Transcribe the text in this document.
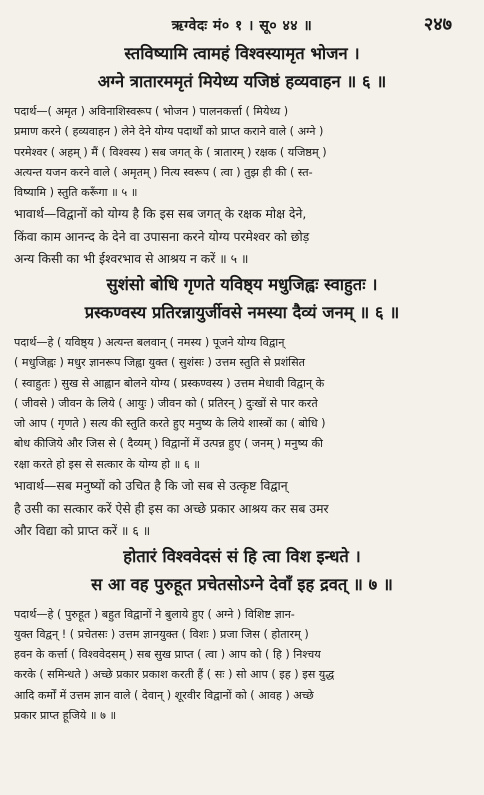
ऋग्वेदः मं० १ । सू० ४४ ॥	२४७

स्तविष्यामि त्वामहं विश्वस्यामृत भोजन ।

अग्ने त्रातारममृतं मियेध्य यजिष्ठं हव्यवाहन ॥ ६ ॥

पदार्थ—( अमृत ) अविनाशिस्वरूप ( भोजन ) पालनकर्त्ता ( मियेध्य )

प्रमाण करने ( हव्यवाहन ) लेने देने योग्य पदार्थों को प्राप्त कराने वाले ( अग्ने )

परमेश्वर ( अहम् ) मैं ( विश्वस्य ) सब जगत् के ( त्रातारम् ) रक्षक ( यजिष्ठम् )

अत्यन्त यजन करने वाले ( अमृतम् ) नित्य स्वरूप ( त्वा ) तुझ ही की ( स्त-

विष्यामि ) स्तुति करूँगा ॥ ५ ॥

भावार्थ—विद्वानों को योग्य है कि इस सब जगत् के रक्षक मोक्ष देने,

किंवा काम आनन्द के देने वा उपासना करने योग्य परमेश्वर को छोड़

अन्य किसी का भी ईश्वरभाव से आश्रय न करें ॥ ५ ॥

सुशंसो बोधि गृणते यविष्ठ्य मधुजिह्वः स्वाहुतः ।

प्रस्कण्वस्य प्रतिरन्नायुर्जीवसे नमस्या दैव्यं जनम् ॥ ६ ॥

पदार्थ—हे ( यविष्ठ्य ) अत्यन्त बलवान् ( नमस्य ) पूजने योग्य विद्वान्

( मधुजिह्वः ) मधुर ज्ञानरूप जिह्वा युक्त ( सुशंसः ) उत्तम स्तुति से प्रशंसित

( स्वाहुतः ) सुख से आह्वान बोलने योग्य ( प्रस्कण्वस्य ) उत्तम मेधावी विद्वान् के

( जीवसे ) जीवन के लिये ( आयुः ) जीवन को ( प्रतिरन् ) दुःखों से पार करते

जो आप ( गृणते ) सत्य की स्तुति करते हुए मनुष्य के लिये शास्त्रों का ( बोधि )

बोध कीजिये और जिस से ( दैव्यम् ) विद्वानों में उत्पन्न हुए ( जनम् ) मनुष्य की

रक्षा करते हो इस से सत्कार के योग्य हो ॥ ६ ॥

भावार्थ—सब मनुष्यों को उचित है कि जो सब से उत्कृष्ट विद्वान्

है उसी का सत्कार करें ऐसे ही इस का अच्छे प्रकार आश्रय कर सब उमर

और विद्या को प्राप्त करें ॥ ६ ॥

होतारं विश्ववेदसं सं हि त्वा विश इन्धते ।

स आ वह पुरुहूत प्रचेतसोऽग्ने देवाँ इह द्रवत् ॥ ७ ॥

पदार्थ—हे ( पुरुहूत ) बहुत विद्वानों ने बुलाये हुए ( अग्ने ) विशिष्ट ज्ञान-

युक्त विद्वन् ! ( प्रचेतसः ) उत्तम ज्ञानयुक्त ( विशः ) प्रजा जिस ( होतारम् )

हवन के कर्त्ता ( विश्ववेदसम् ) सब सुख प्राप्त ( त्वा ) आप को ( हि ) निश्चय

करके ( समिन्धते ) अच्छे प्रकार प्रकाश करती हैं ( सः ) सो आप ( इह ) इस युद्ध

आदि कर्मों में उत्तम ज्ञान वाले ( देवान् ) शूरवीर विद्वानों को ( आवह ) अच्छे

प्रकार प्राप्त हूजिये ॥ ७ ॥
